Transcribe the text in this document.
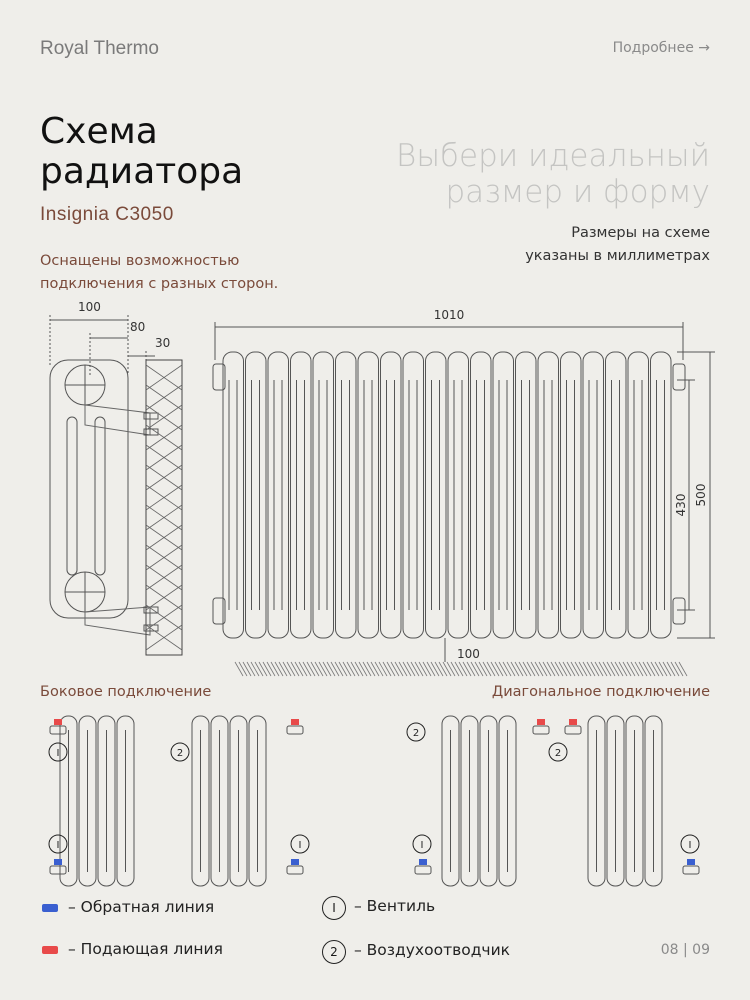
Royal Thermo	Подробнее →
Схема
радиатора	Выбери идеальный
размер и форму
Insignia C3050
Оснащены возможностью
подключения с разных сторон.
Размеры на схеме
указаны в миллиметрах
100
80
30
1010
430 500
100
Боковое подключение	Диагональное подключение
I
I	I
2
I	I
2
2
– Обратная линия
– Подающая линия
I	– Вентиль
2	– Воздухоотводчик	08 | 09
